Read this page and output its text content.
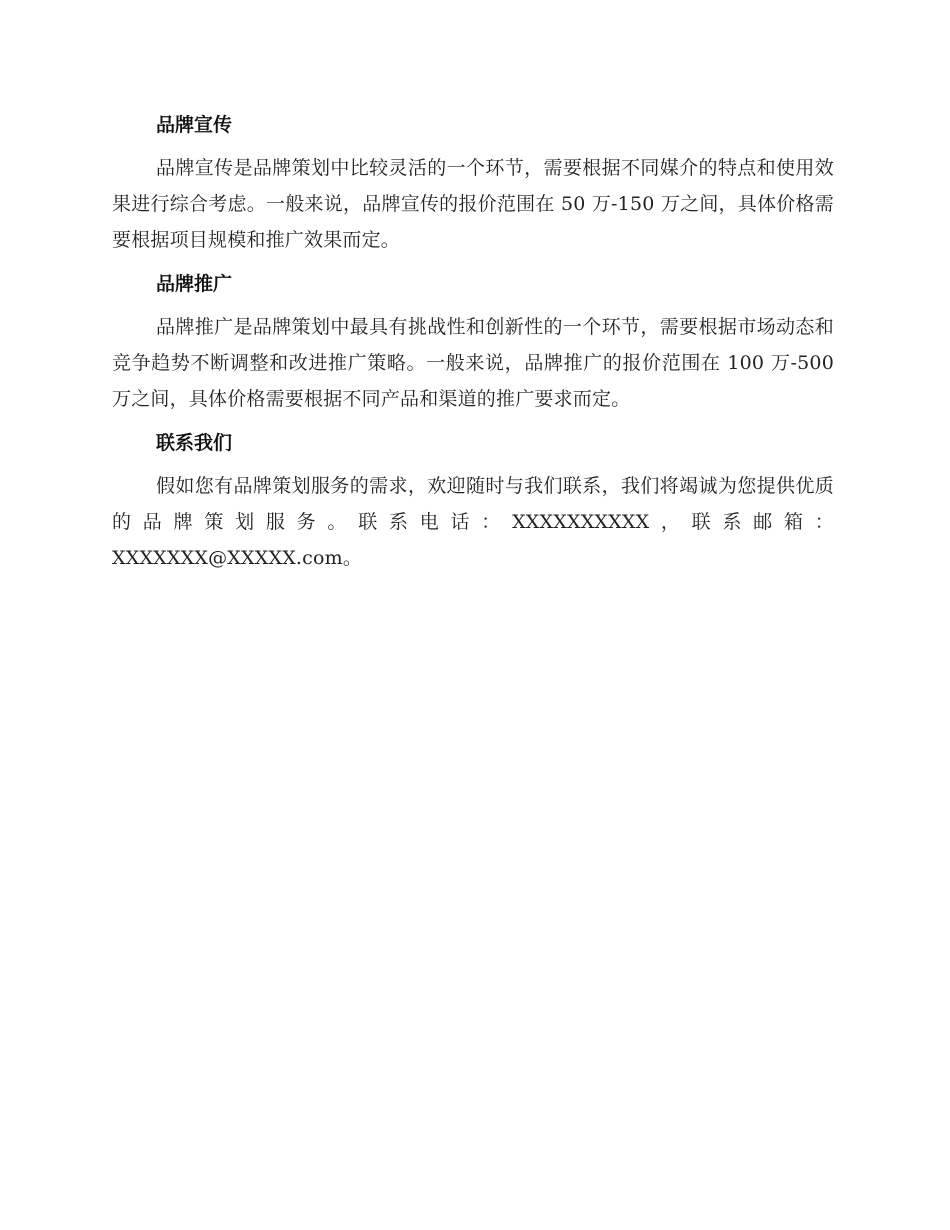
品牌宣传

品牌宣传是品牌策划中比较灵活的一个环节，需要根据不同媒介的特点和使用效果进行综合考虑。一般来说，品牌宣传的报价范围在 50 万-150 万之间，具体价格需要根据项目规模和推广效果而定。

品牌推广

品牌推广是品牌策划中最具有挑战性和创新性的一个环节，需要根据市场动态和竞争趋势不断调整和改进推广策略。一般来说，品牌推广的报价范围在 100 万-500 万之间，具体价格需要根据不同产品和渠道的推广要求而定。

联系我们

假如您有品牌策划服务的需求，欢迎随时与我们联系，我们将竭诚为您提供优质的品牌策划服务。联系电话：XXXXXXXXXX，联系邮箱：XXXXXXX@XXXXX.com。
